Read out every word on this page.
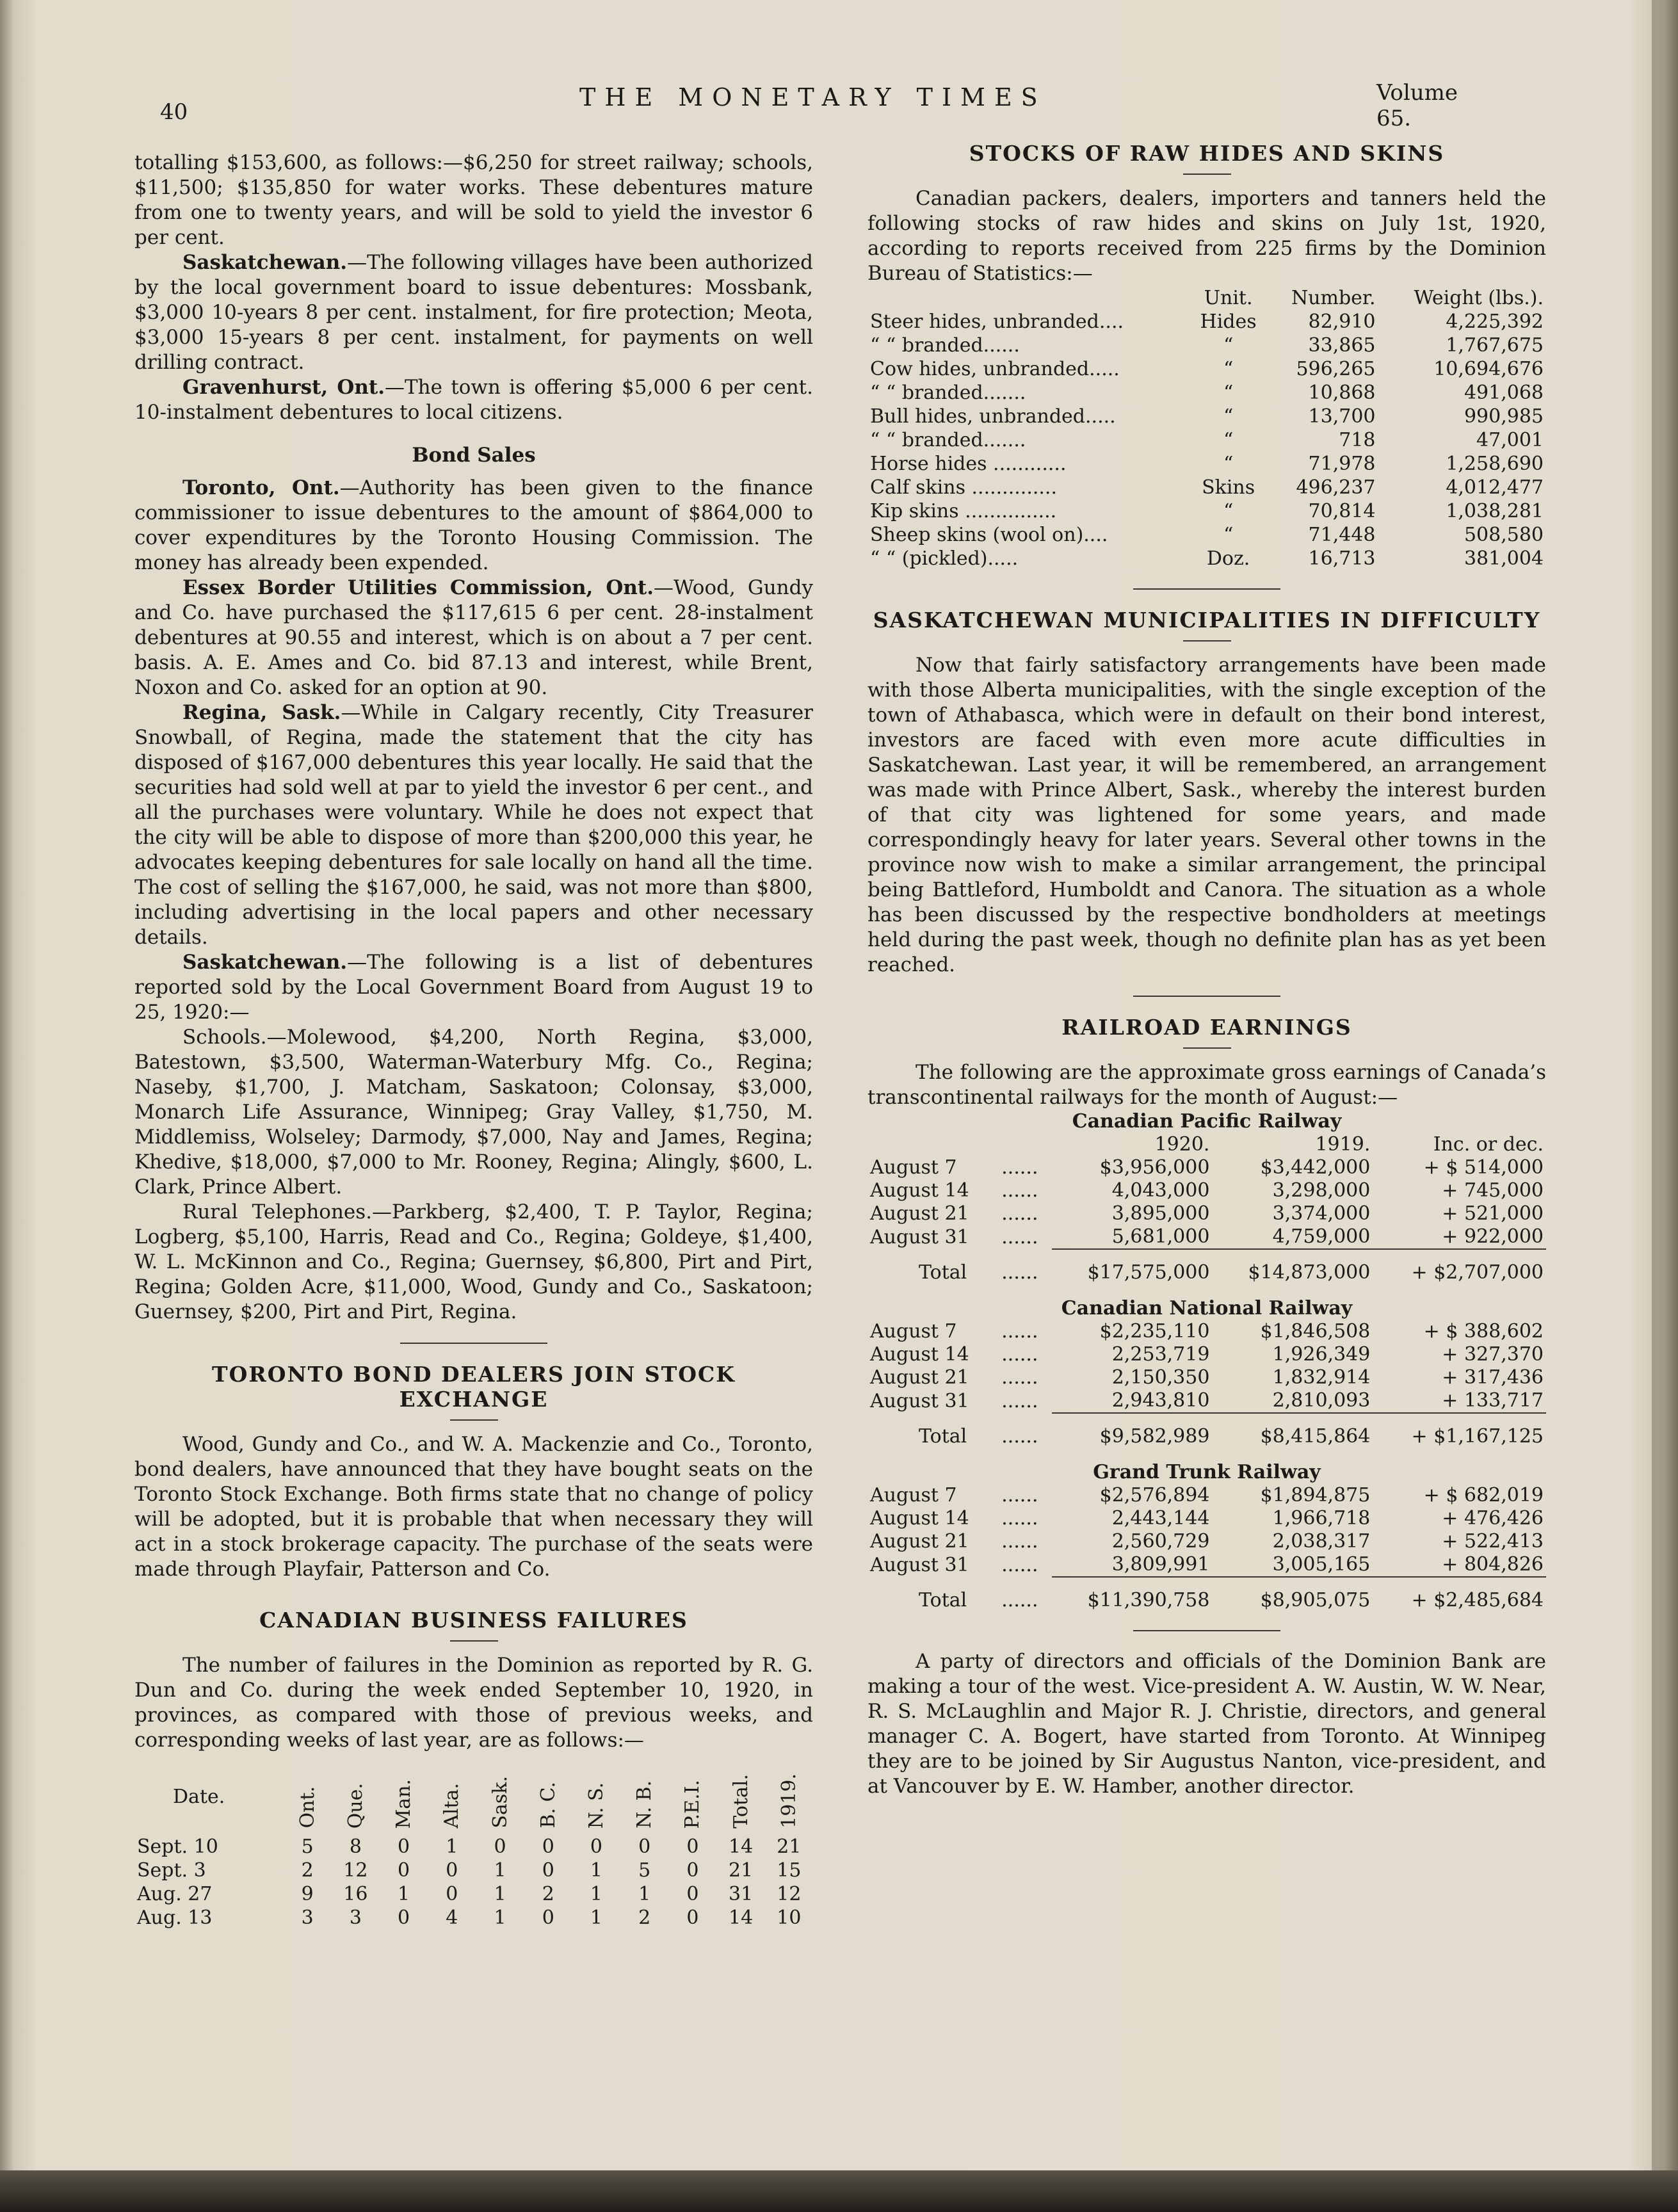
40
THE MONETARY TIMES	Volume 65.

totalling $153,600, as follows:—$6,250 for street railway; schools, $11,500; $135,850 for water works. These debentures mature from one to twenty years, and will be sold to yield the investor 6 per cent.

Saskatchewan.—The following villages have been authorized by the local government board to issue debentures: Mossbank, $3,000 10-years 8 per cent. instalment, for fire protection; Meota, $3,000 15-years 8 per cent. instalment, for payments on well drilling contract.

Gravenhurst, Ont.—The town is offering $5,000 6 per cent. 10-instalment debentures to local citizens.

Bond Sales

Toronto, Ont.—Authority has been given to the finance commissioner to issue debentures to the amount of $864,000 to cover expenditures by the Toronto Housing Commission. The money has already been expended.

Essex Border Utilities Commission, Ont.—Wood, Gundy and Co. have purchased the $117,615 6 per cent. 28-instalment debentures at 90.55 and interest, which is on about a 7 per cent. basis. A. E. Ames and Co. bid 87.13 and interest, while Brent, Noxon and Co. asked for an option at 90.

Regina, Sask.—While in Calgary recently, City Treasurer Snowball, of Regina, made the statement that the city has disposed of $167,000 debentures this year locally. He said that the securities had sold well at par to yield the investor 6 per cent., and all the purchases were voluntary. While he does not expect that the city will be able to dispose of more than $200,000 this year, he advocates keeping debentures for sale locally on hand all the time. The cost of selling the $167,000, he said, was not more than $800, including advertising in the local papers and other necessary details.

Saskatchewan.—The following is a list of debentures reported sold by the Local Government Board from August 19 to 25, 1920:—

Schools.—Molewood, $4,200, North Regina, $3,000, Batestown, $3,500, Waterman-Waterbury Mfg. Co., Regina; Naseby, $1,700, J. Matcham, Saskatoon; Colonsay, $3,000, Monarch Life Assurance, Winnipeg; Gray Valley, $1,750, M. Middlemiss, Wolseley; Darmody, $7,000, Nay and James, Regina; Khedive, $18,000, $7,000 to Mr. Rooney, Regina; Alingly, $600, L. Clark, Prince Albert.

Rural Telephones.—Parkberg, $2,400, T. P. Taylor, Regina; Logberg, $5,100, Harris, Read and Co., Regina; Goldeye, $1,400, W. L. McKinnon and Co., Regina; Guernsey, $6,800, Pirt and Pirt, Regina; Golden Acre, $11,000, Wood, Gundy and Co., Saskatoon; Guernsey, $200, Pirt and Pirt, Regina.

TORONTO BOND DEALERS JOIN STOCK EXCHANGE

Wood, Gundy and Co., and W. A. Mackenzie and Co., Toronto, bond dealers, have announced that they have bought seats on the Toronto Stock Exchange. Both firms state that no change of policy will be adopted, but it is probable that when necessary they will act in a stock brokerage capacity. The purchase of the seats were made through Playfair, Patterson and Co.

CANADIAN BUSINESS FAILURES

The number of failures in the Dominion as reported by R. G. Dun and Co. during the week ended September 10, 1920, in provinces, as compared with those of previous weeks, and corresponding weeks of last year, are as follows:—

Date.	Ont.	Que.	Man.	Alta.	Sask.	B. C.	N. S.	N. B.	P.E.I.	Total.	1919.
Sept. 10	5	8	0	1	0	0	0	0	0	14	21
Sept. 3	2	12	0	0	1	0	1	5	0	21	15
Aug. 27	9	16	1	0	1	2	1	1	0	31	12
Aug. 13	3	3	0	4	1	0	1	2	0	14	10
STOCKS OF RAW HIDES AND SKINS

Canadian packers, dealers, importers and tanners held the following stocks of raw hides and skins on July 1st, 1920, according to reports received from 225 firms by the Dominion Bureau of Statistics:—

	Unit.	Number.	Weight (lbs.).
Steer hides, unbranded....	Hides	82,910	4,225,392
“ “ branded......	“	33,865	1,767,675
Cow hides, unbranded.....	“	596,265	10,694,676
“ “ branded.......	“	10,868	491,068
Bull hides, unbranded.....	“	13,700	990,985
“ “ branded.......	“	718	47,001
Horse hides ............	“	71,978	1,258,690
Calf skins ..............	Skins	496,237	4,012,477
Kip skins ...............	“	70,814	1,038,281
Sheep skins (wool on)....	“	71,448	508,580
“ “ (pickled).....	Doz.	16,713	381,004
SASKATCHEWAN MUNICIPALITIES IN DIFFICULTY

Now that fairly satisfactory arrangements have been made with those Alberta municipalities, with the single exception of the town of Athabasca, which were in default on their bond interest, investors are faced with even more acute difficulties in Saskatchewan. Last year, it will be remembered, an arrangement was made with Prince Albert, Sask., whereby the interest burden of that city was lightened for some years, and made correspondingly heavy for later years. Several other towns in the province now wish to make a similar arrangement, the principal being Battleford, Humboldt and Canora. The situation as a whole has been discussed by the respective bondholders at meetings held during the past week, though no definite plan has as yet been reached.

RAILROAD EARNINGS

The following are the approximate gross earnings of Canada’s transcontinental railways for the month of August:—

Canadian Pacific Railway				
		1920.	1919.	Inc. or dec.
August 7	......	$3,956,000	$3,442,000	+ $ 514,000
August 14	......	4,043,000	3,298,000	+ 745,000
August 21	......	3,895,000	3,374,000	+ 521,000
August 31	......	5,681,000	4,759,000	+ 922,000
Total	......	$17,575,000	$14,873,000	+ $2,707,000
Canadian National Railway				
August 7	......	$2,235,110	$1,846,508	+ $ 388,602
August 14	......	2,253,719	1,926,349	+ 327,370
August 21	......	2,150,350	1,832,914	+ 317,436
August 31	......	2,943,810	2,810,093	+ 133,717
Total	......	$9,582,989	$8,415,864	+ $1,167,125
Grand Trunk Railway				
August 7	......	$2,576,894	$1,894,875	+ $ 682,019
August 14	......	2,443,144	1,966,718	+ 476,426
August 21	......	2,560,729	2,038,317	+ 522,413
August 31	......	3,809,991	3,005,165	+ 804,826
Total	......	$11,390,758	$8,905,075	+ $2,485,684

A party of directors and officials of the Dominion Bank are making a tour of the west. Vice-president A. W. Austin, W. W. Near, R. S. McLaughlin and Major R. J. Christie, directors, and general manager C. A. Bogert, have started from Toronto. At Winnipeg they are to be joined by Sir Augustus Nanton, vice-president, and at Vancouver by E. W. Hamber, another director.
